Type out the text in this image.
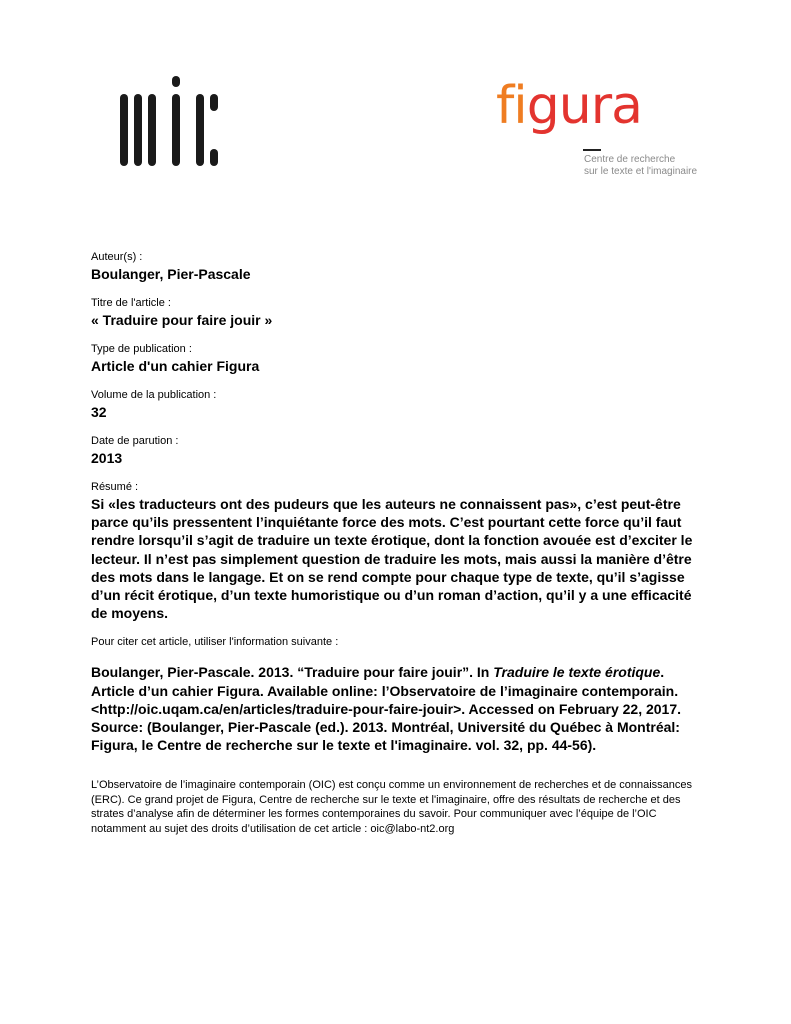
figura
Centre de recherche
sur le texte et l'imaginaire

Auteur(s) :

Boulanger, Pier-Pascale

Titre de l'article :

« Traduire pour faire jouir »

Type de publication :

Article d'un cahier Figura

Volume de la publication :

32

Date de parution :

2013

Résumé :

Si «les traducteurs ont des pudeurs que les auteurs ne connaissent pas», c’est peut-être parce qu’ils pressentent l’inquiétante force des mots. C’est pourtant cette force qu’il faut rendre lorsqu’il s’agit de traduire un texte érotique, dont la fonction avouée est d’exciter le lecteur. Il n’est pas simplement question de traduire les mots, mais aussi la manière d’être des mots dans le langage. Et on se rend compte pour chaque type de texte, qu’il s’agisse d’un récit érotique, d’un texte humoristique ou d’un roman d’action, qu’il y a une efficacité de moyens.

Pour citer cet article, utiliser l'information suivante :

Boulanger, Pier-Pascale. 2013. “Traduire pour faire jouir”. In Traduire le texte érotique. Article d’un cahier Figura. Available online: l’Observatoire de l’imaginaire contemporain. <http://oic.uqam.ca/en/articles/traduire-pour-faire-jouir>. Accessed on February 22, 2017. Source: (Boulanger, Pier-Pascale (ed.). 2013. Montréal, Université du Québec à Montréal: Figura, le Centre de recherche sur le texte et l'imaginaire. vol. 32, pp. 44-56).

L’Observatoire de l’imaginaire contemporain (OIC) est conçu comme un environnement de recherches et de connaissances (ERC). Ce grand projet de Figura, Centre de recherche sur le texte et l'imaginaire, offre des résultats de recherche et des strates d’analyse afin de déterminer les formes contemporaines du savoir. Pour communiquer avec l’équipe de l’OIC notamment au sujet des droits d’utilisation de cet article : oic@labo-nt2.org
